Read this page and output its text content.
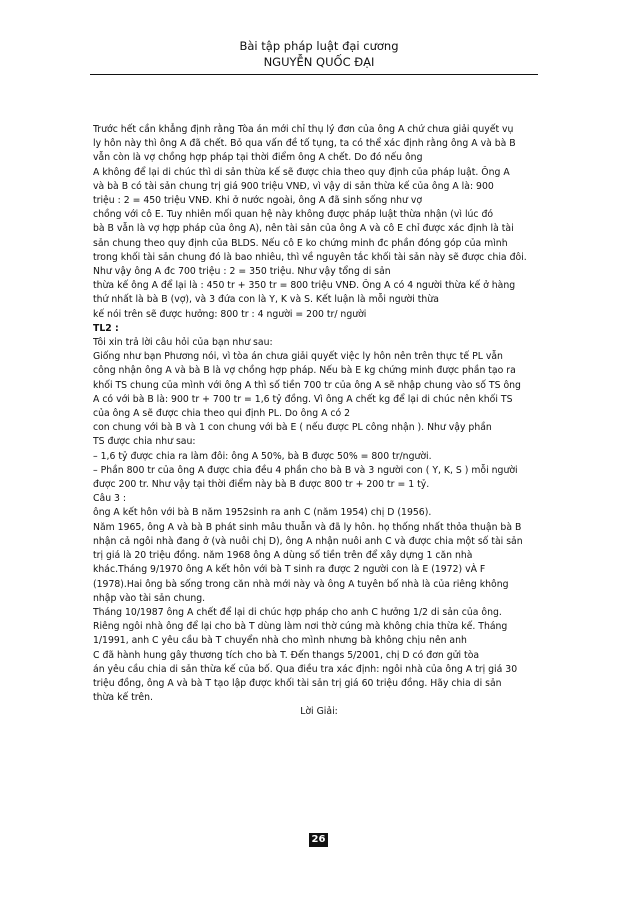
Bài tập pháp luật đại cương
NGUYỄN QUỐC ĐẠI

Trước hết cần khẳng định rằng Tòa án mới chỉ thụ lý đơn của ông A chứ chưa giải quyết vụ

ly hôn này thì ông A đã chết. Bỏ qua vấn đề tố tụng, ta có thể xác định rằng ông A và bà B

vẫn còn là vợ chồng hợp pháp tại thời điểm ông A chết. Do đó nếu ông

A không để lại di chúc thì di sản thừa kế sẽ được chia theo quy định của pháp luật. Ông A

và bà B có tài sản chung trị giá 900 triệu VNĐ, vì vậy di sản thừa kế của ông A là: 900

triệu : 2 = 450 triệu VNĐ. Khi ở nước ngoài, ông A đã sinh sống như vợ

chồng với cô E. Tuy nhiên mối quan hệ này không được pháp luật thừa nhận (vì lúc đó

bà B vẫn là vợ hợp pháp của ông A), nên tài sản của ông A và cô E chỉ được xác định là tài

sản chung theo quy định của BLDS. Nếu cô E ko chứng minh đc phần đóng góp của mình

trong khối tài sản chung đó là bao nhiêu, thì về nguyên tắc khối tài sản này sẽ được chia đôi.

Như vậy ông A đc 700 triệu : 2 = 350 triệu. Như vậy tổng di sản

thừa kế ông A để lại là : 450 tr + 350 tr = 800 triệu VNĐ. Ông A có 4 người thừa kế ở hàng

thứ nhất là bà B (vợ), và 3 đứa con là Y, K và S. Kết luận là mỗi người thừa

kế nói trên sẽ được hưởng: 800 tr : 4 người = 200 tr/ người

TL2 :

Tôi xin trả lời câu hỏi của bạn như sau:

Giống như bạn Phương nói, vì tòa án chưa giải quyết việc ly hôn nên trên thực tế PL vẫn

công nhận ông A và bà B là vợ chồng hợp pháp. Nếu bà E kg chứng minh được phần tạo ra

khối TS chung của mình với ông A thì số tiền 700 tr của ông A sẽ nhập chung vào số TS ông

A có với bà B là: 900 tr + 700 tr = 1,6 tỷ đồng. Vì ông A chết kg để lại di chúc nên khối TS

của ông A sẽ được chia theo qui định PL. Do ông A có 2

con chung với bà B và 1 con chung với bà E ( nếu được PL công nhận ). Như vậy phần

TS được chia như sau:

– 1,6 tỷ được chia ra làm đôi: ông A 50%, bà B được 50% = 800 tr/người.

– Phần 800 tr của ông A được chia đều 4 phần cho bà B và 3 người con ( Y, K, S ) mỗi người

được 200 tr. Như vậy tại thời điểm này bà B được 800 tr + 200 tr = 1 tỷ.

Câu 3 :

ông A kết hôn với bà B năm 1952sinh ra anh C (năm 1954) chị D (1956).

Năm 1965, ông A và bà B phát sinh mâu thuẫn và đã ly hôn. họ thống nhất thỏa thuận bà B

nhận cả ngôi nhà đang ở (và nuôi chị D), ông A nhận nuôi anh C và được chia một số tài sản

trị giá là 20 triệu đồng. năm 1968 ông A dùng số tiền trên để xây dựng 1 căn nhà

khác.Tháng 9/1970 ông A kết hôn với bà T sinh ra được 2 người con là E (1972) vÀ F

(1978).Hai ông bà sống trong căn nhà mới này và ông A tuyên bố nhà là của riêng không

nhập vào tài sản chung.

Tháng 10/1987 ông A chết để lại di chúc hợp pháp cho anh C hưởng 1/2 di sản của ông.

Riêng ngôi nhà ông để lại cho bà T dùng làm nơi thờ cúng mà không chia thừa kế. Tháng

1/1991, anh C yêu cầu bà T chuyển nhà cho mình nhưng bà không chịu nên anh

C đã hành hung gây thương tích cho bà T. Đến thangs 5/2001, chị D có đơn gửi tòa

án yêu cầu chia di sản thừa kế của bố. Qua điều tra xác định: ngôi nhà của ông A trị giá 30

triệu đồng, ông A và bà T tạo lập được khối tài sản trị giá 60 triệu đồng. Hãy chia di sản

thừa kế trên.

Lời Giải:

26
